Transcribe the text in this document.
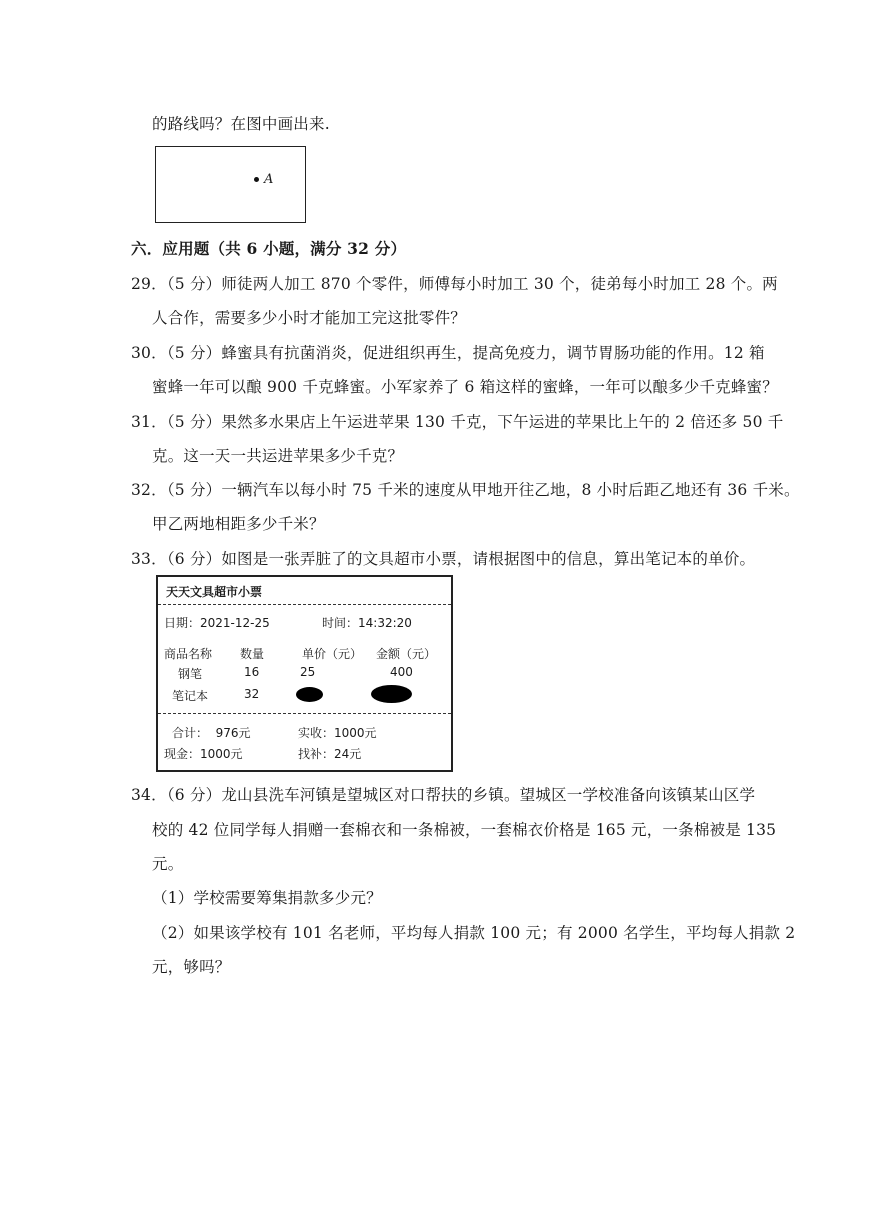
的路线吗？在图中画出来.
A
六．应用题（共 6 小题，满分 32 分）
29．（5 分）师徒两人加工 870 个零件，师傅每小时加工 30 个，徒弟每小时加工 28 个。两
人合作，需要多少小时才能加工完这批零件？
30．（5 分）蜂蜜具有抗菌消炎，促进组织再生，提高免疫力，调节胃肠功能的作用。12 箱
蜜蜂一年可以酿 900 千克蜂蜜。小军家养了 6 箱这样的蜜蜂，一年可以酿多少千克蜂蜜？
31．（5 分）果然多水果店上午运进苹果 130 千克，下午运进的苹果比上午的 2 倍还多 50 千
克。这一天一共运进苹果多少千克？
32．（5 分）一辆汽车以每小时 75 千米的速度从甲地开往乙地，8 小时后距乙地还有 36 千米。
甲乙两地相距多少千米？
33．（6 分）如图是一张弄脏了的文具超市小票，请根据图中的信息，算出笔记本的单价。
天天文具超市小票
日期：2021-12-25	时间：14:32:20
商品名称 数量	单价（元） 金额（元）
钢笔	16	25	400
笔记本	32
合计：  976元	实收：1000元
现金：1000元	找补：24元
34．（6 分）龙山县洗车河镇是望城区对口帮扶的乡镇。望城区一学校准备向该镇某山区学
校的 42 位同学每人捐赠一套棉衣和一条棉被，一套棉衣价格是 165 元，一条棉被是 135
元。
（1）学校需要筹集捐款多少元？
（2）如果该学校有 101 名老师，平均每人捐款 100 元；有 2000 名学生，平均每人捐款 2
元，够吗？
